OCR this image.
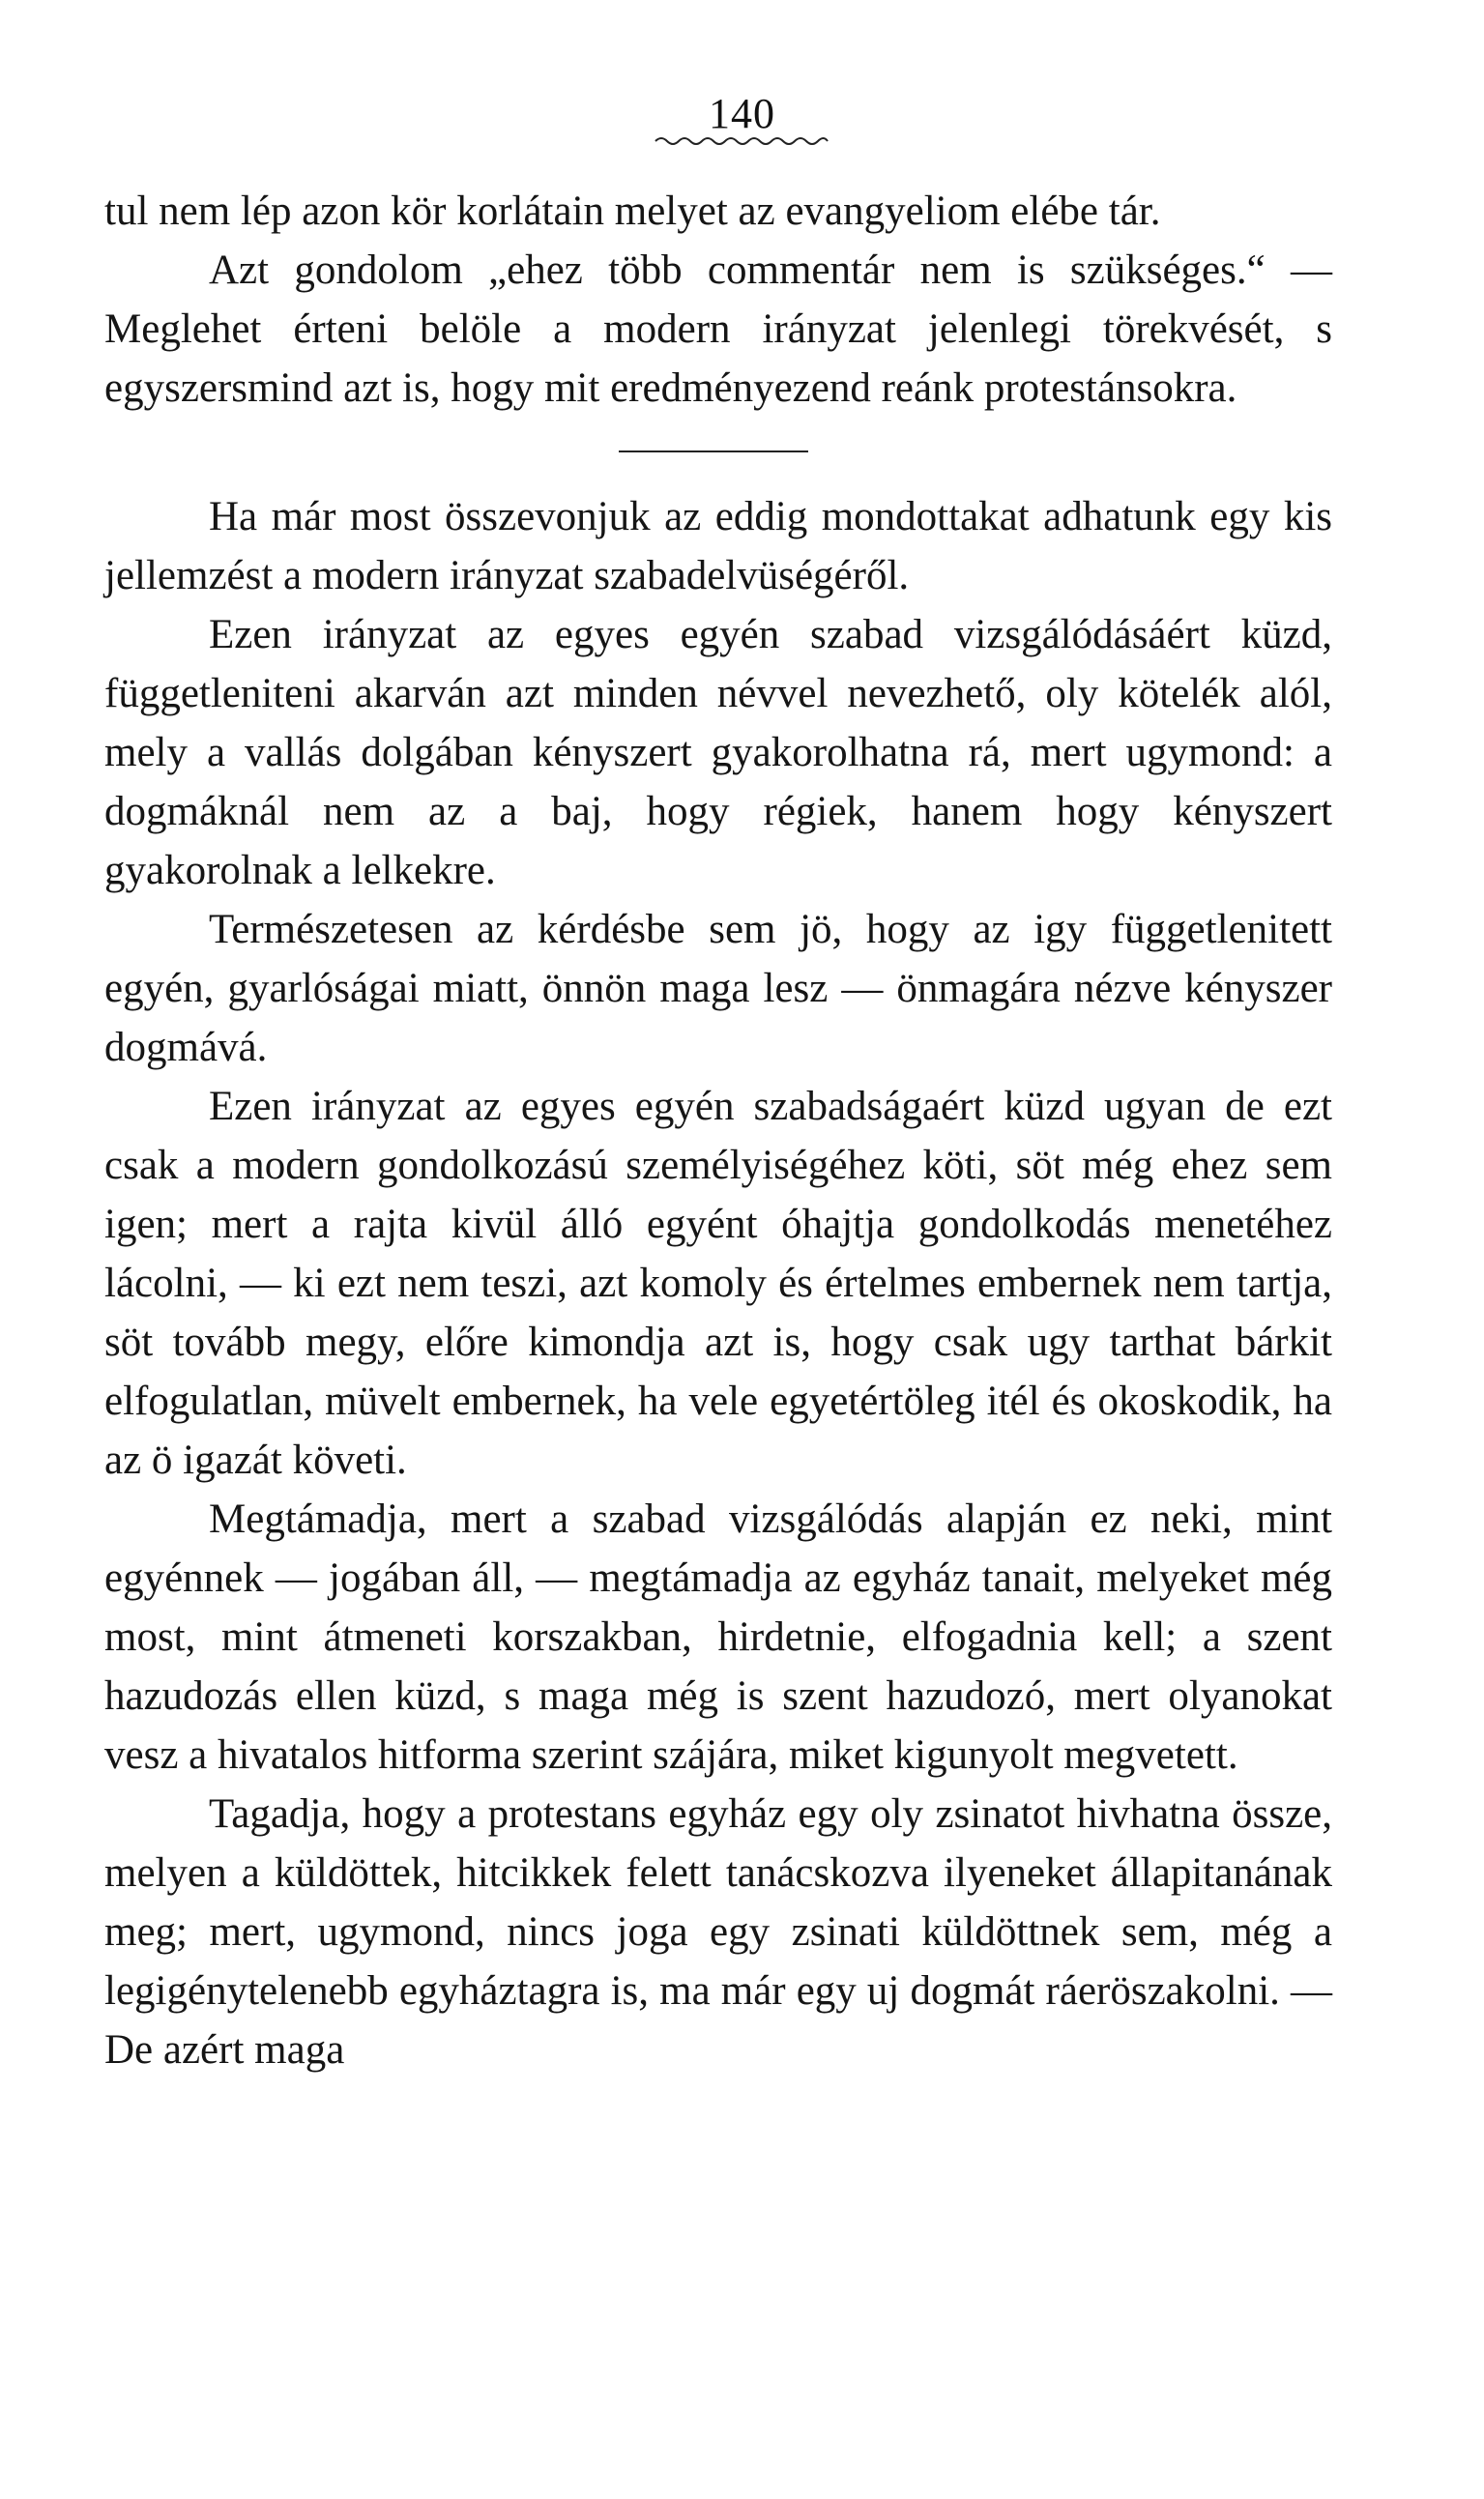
140

tul nem lép azon kör korlátain melyet az evangyeliom elébe tár.

Azt gondolom „ehez több commentár nem is szükséges.“ — Meglehet érteni belöle a modern irányzat jelenlegi törekvését, s egyszersmind azt is, hogy mit eredményezend reánk protestánsokra.

Ha már most összevonjuk az eddig mondottakat adhatunk egy kis jellemzést a modern irányzat szabadelvüségéről.

Ezen irányzat az egyes egyén szabad vizsgálódásáért küzd, függetleniteni akarván azt minden névvel nevezhető, oly kötelék alól, mely a vallás dolgában kényszert gyakorolhatna rá, mert ugymond: a dogmáknál nem az a baj, hogy régiek, hanem hogy kényszert gyakorolnak a lelkekre.

Természetesen az kérdésbe sem jö, hogy az igy függetlenitett egyén, gyarlóságai miatt, önnön maga lesz — önmagára nézve kényszer dogmává.

Ezen irányzat az egyes egyén szabadságaért küzd ugyan de ezt csak a modern gondolkozású személyiségéhez köti, söt még ehez sem igen; mert a rajta kivül álló egyént óhajtja gondolkodás menetéhez lácolni, — ki ezt nem teszi, azt komoly és értelmes embernek nem tartja, söt tovább megy, előre kimondja azt is, hogy csak ugy tarthat bárkit elfogulatlan, müvelt embernek, ha vele egyetértöleg itél és okoskodik, ha az ö igazát követi.

Megtámadja, mert a szabad vizsgálódás alapján ez neki, mint egyénnek — jogában áll, — megtámadja az egyház tanait, melyeket még most, mint átmeneti korszakban, hirdetnie, elfogadnia kell; a szent hazudozás ellen küzd, s maga még is szent hazudozó, mert olyanokat vesz a hivatalos hitforma szerint szájára, miket kigunyolt megvetett.

Tagadja, hogy a protestans egyház egy oly zsinatot hivhatna össze, melyen a küldöttek, hitcikkek felett tanácskozva ilyeneket állapitanának meg; mert, ugymond, nincs joga egy zsinati küldöttnek sem, még a legigénytelenebb egyháztagra is, ma már egy uj dogmát ráeröszakolni. — De azért maga
